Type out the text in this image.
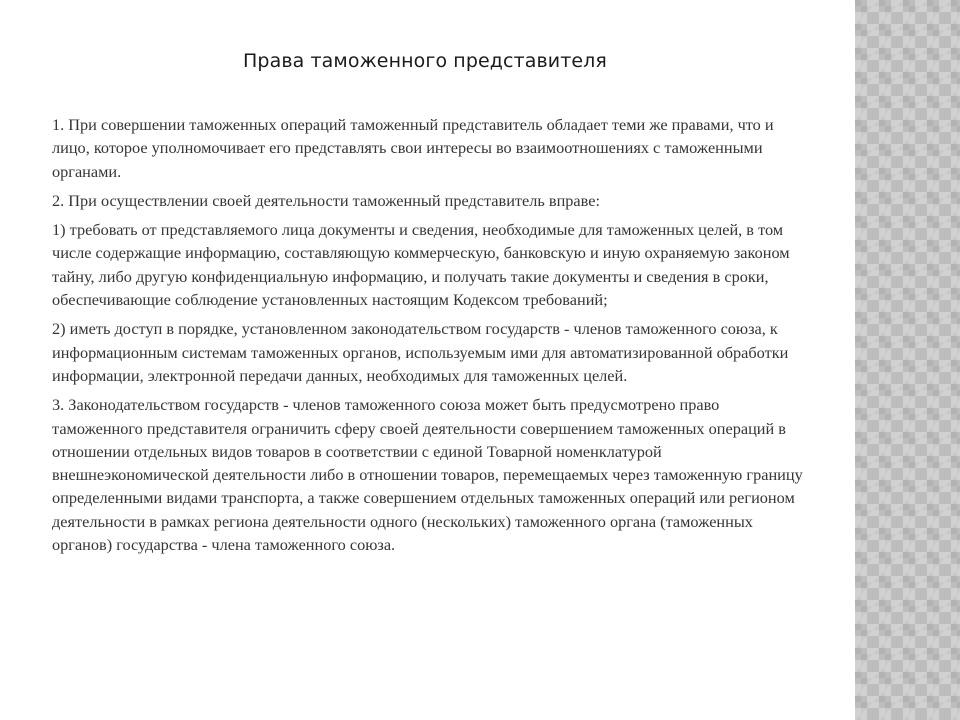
Права таможенного представителя

1. При совершении таможенных операций таможенный представитель обладает теми же правами, что и лицо, которое уполномочивает его представлять свои интересы во взаимоотношениях с таможенными органами.

2. При осуществлении своей деятельности таможенный представитель вправе:

1) требовать от представляемого лица документы и сведения, необходимые для таможенных целей, в том числе содержащие информацию, составляющую коммерческую, банковскую и иную охраняемую законом тайну, либо другую конфиденциальную информацию, и получать такие документы и сведения в сроки, обеспечивающие соблюдение установленных настоящим Кодексом требований;

2) иметь доступ в порядке, установленном законодательством государств - членов таможенного союза, к информационным системам таможенных органов, используемым ими для автоматизированной обработки информации, электронной передачи данных, необходимых для таможенных целей.

3. Законодательством государств - членов таможенного союза может быть предусмотрено право таможенного представителя ограничить сферу своей деятельности совершением таможенных операций в отношении отдельных видов товаров в соответствии с единой Товарной номенклатурой внешнеэкономической деятельности либо в отношении товаров, перемещаемых через таможенную границу определенными видами транспорта, а также совершением отдельных таможенных операций или регионом деятельности в рамках региона деятельности одного (нескольких) таможенного органа (таможенных органов) государства - члена таможенного союза.
